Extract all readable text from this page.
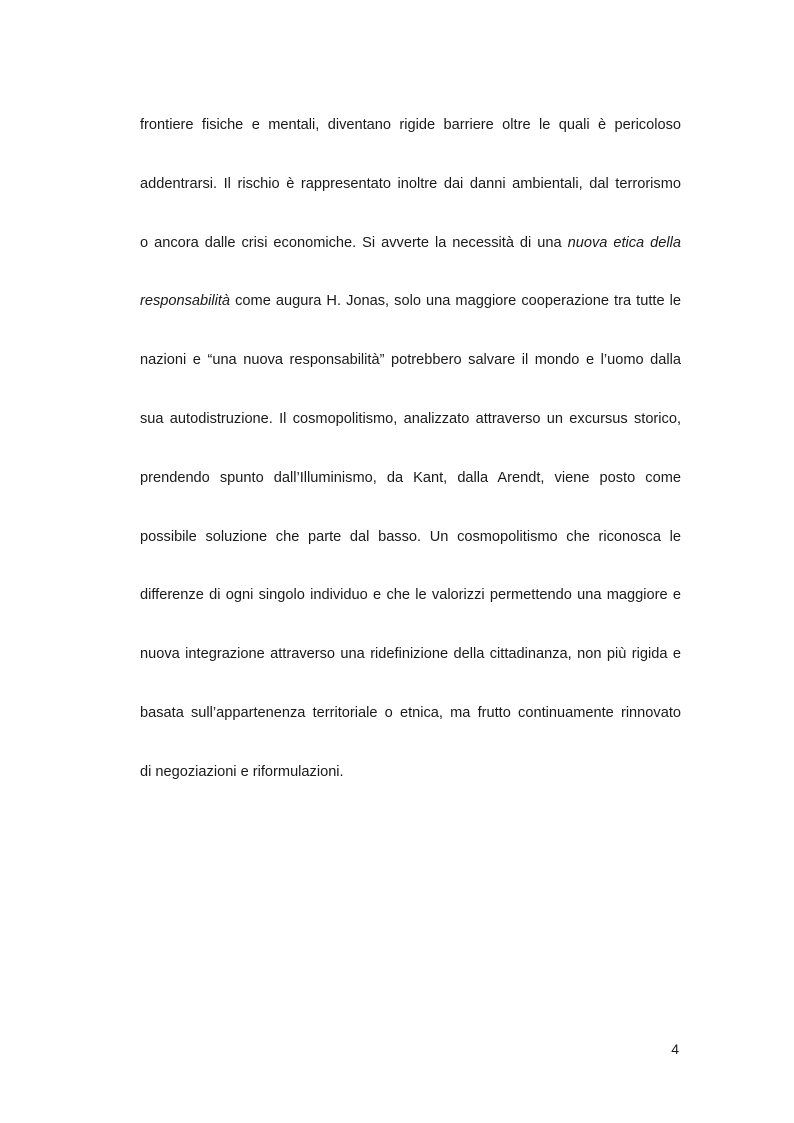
frontiere fisiche e mentali, diventano rigide barriere oltre le quali è pericoloso
addentrarsi. Il rischio è rappresentato inoltre dai danni ambientali, dal terrorismo
o ancora dalle crisi economiche. Si avverte la necessità di una nuova etica della
responsabilità come augura H. Jonas, solo una maggiore cooperazione tra tutte le
nazioni e “una nuova responsabilità” potrebbero salvare il mondo e l’uomo dalla
sua autodistruzione. Il cosmopolitismo, analizzato attraverso un excursus storico,
prendendo spunto dall’Illuminismo, da Kant, dalla Arendt, viene posto come
possibile soluzione che parte dal basso. Un cosmopolitismo che riconosca le
differenze di ogni singolo individuo e che le valorizzi permettendo una maggiore e
nuova integrazione attraverso una ridefinizione della cittadinanza, non più rigida e
basata sull’appartenenza territoriale o etnica, ma frutto continuamente rinnovato
di negoziazioni e riformulazioni.
4
